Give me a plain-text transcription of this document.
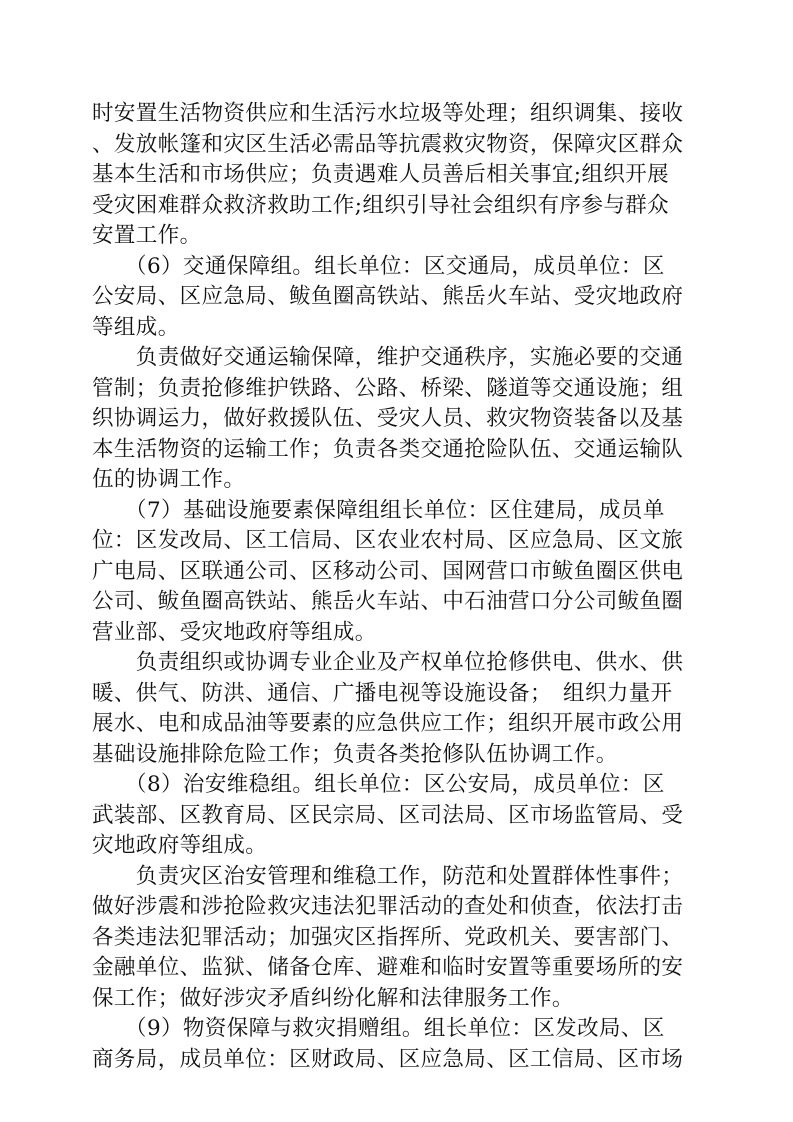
时安置生活物资供应和生活污水垃圾等处理；组织调集、接收
、发放帐篷和灾区生活必需品等抗震救灾物资，保障灾区群众
基本生活和市场供应；负责遇难人员善后相关事宜;组织开展
受灾困难群众救济救助工作;组织引导社会组织有序参与群众
安置工作。

　　（6）交通保障组。组长单位：区交通局，成员单位：区
公安局、区应急局、鲅鱼圈高铁站、熊岳火车站、受灾地政府
等组成。

　　负责做好交通运输保障，维护交通秩序，实施必要的交通
管制；负责抢修维护铁路、公路、桥梁、隧道等交通设施；组
织协调运力，做好救援队伍、受灾人员、救灾物资装备以及基
本生活物资的运输工作；负责各类交通抢险队伍、交通运输队
伍的协调工作。

　　（7）基础设施要素保障组组长单位：区住建局，成员单
位：区发改局、区工信局、区农业农村局、区应急局、区文旅
广电局、区联通公司、区移动公司、国网营口市鲅鱼圈区供电
公司、鲅鱼圈高铁站、熊岳火车站、中石油营口分公司鲅鱼圈
营业部、受灾地政府等组成。

　　负责组织或协调专业企业及产权单位抢修供电、供水、供
暖、供气、防洪、通信、广播电视等设施设备；　组织力量开
展水、电和成品油等要素的应急供应工作；组织开展市政公用
基础设施排除危险工作；负责各类抢修队伍协调工作。

　　（8）治安维稳组。组长单位：区公安局，成员单位：区
武装部、区教育局、区民宗局、区司法局、区市场监管局、受
灾地政府等组成。

　　负责灾区治安管理和维稳工作，防范和处置群体性事件；
做好涉震和涉抢险救灾违法犯罪活动的查处和侦查，依法打击
各类违法犯罪活动；加强灾区指挥所、党政机关、要害部门、
金融单位、监狱、储备仓库、避难和临时安置等重要场所的安
保工作；做好涉灾矛盾纠纷化解和法律服务工作。

　　（9）物资保障与救灾捐赠组。组长单位：区发改局、区
商务局，成员单位：区财政局、区应急局、区工信局、区市场
